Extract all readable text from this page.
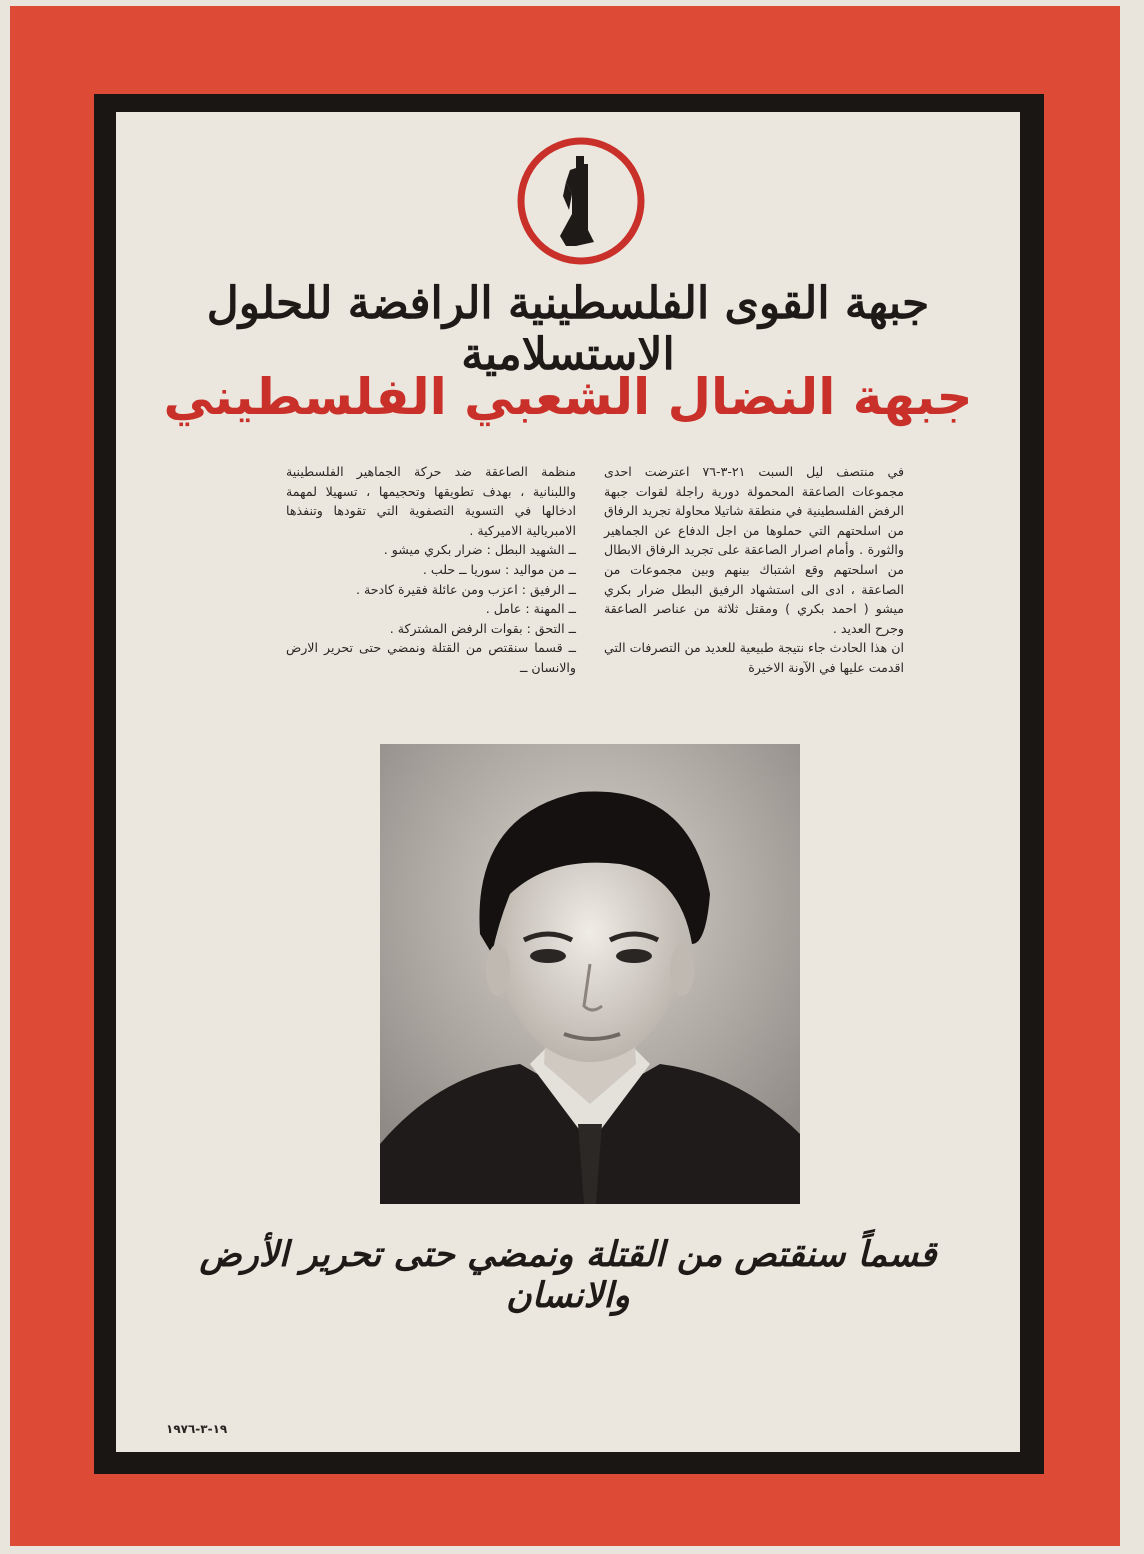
جبهة القوى الفلسطينية الرافضة للحلول الاستسلامية
جبهة النضال الشعبي الفلسطيني

في منتصف ليل السبت ٢١-٣-٧٦ اعترضت احدى مجموعات الصاعقة المحمولة دورية راجلة لقوات جبهة الرفض الفلسطينية في منطقة شاتيلا محاولة تجريد الرفاق من اسلحتهم التي حملوها من اجل الدفاع عن الجماهير والثورة . وأمام اصرار الصاعقة على تجريد الرفاق الابطال من اسلحتهم وقع اشتباك بينهم وبين مجموعات من الصاعقة ، ادى الى استشهاد الرفيق البطل ضرار بكري ميشو ( احمد بكري ) ومقتل ثلاثة من عناصر الصاعقة وجرح العديد .

ان هذا الحادث جاء نتيجة طبيعية للعديد من التصرفات التي اقدمت عليها في الآونة الاخيرة

منظمة الصاعقة ضد حركة الجماهير الفلسطينية واللبنانية ، بهدف تطويقها وتحجيمها ، تسهيلا لمهمة ادخالها في التسوية التصفوية التي تقودها وتنفذها الامبريالية الاميركية .

ــ الشهيد البطل : ضرار بكري ميشو .

ــ من مواليد : سوريا ــ حلب .

ــ الرفيق : اعزب ومن عائلة فقيرة كادحة .

ــ المهنة : عامل .

ــ التحق : بقوات الرفض المشتركة .

ــ قسما سنقتص من القتلة ونمضي حتى تحرير الارض والانسان ــ

قسماً سنقتص من القتلة ونمضي حتى تحرير الأرض والانسان
١٩-٣-١٩٧٦
